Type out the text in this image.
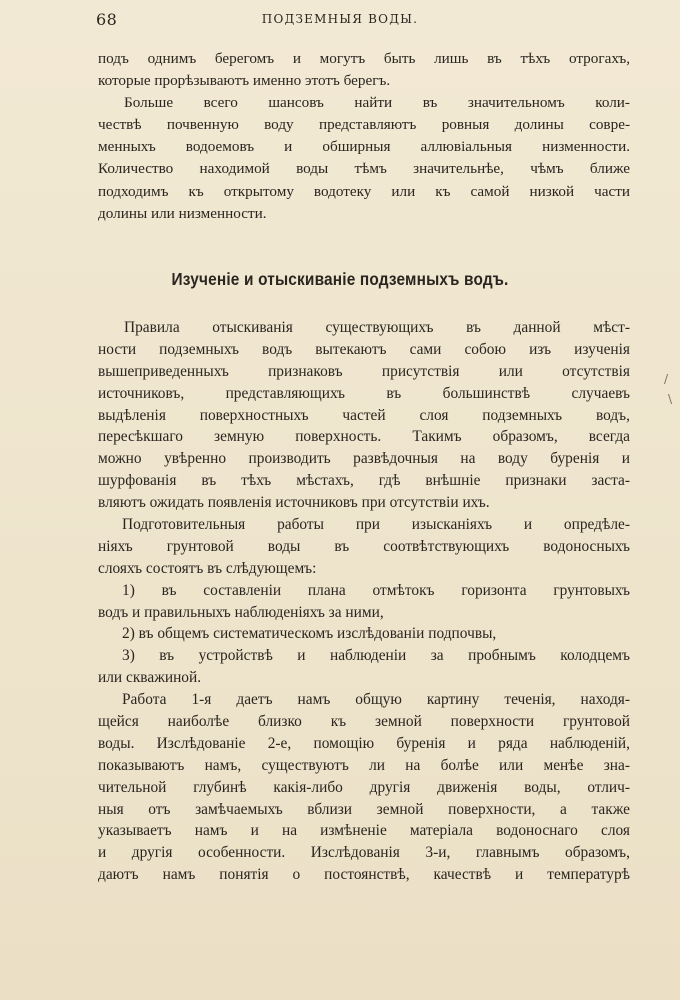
68	ПОДЗЕМНЫЯ ВОДЫ.
подъ однимъ берегомъ и могутъ быть лишь въ тѣхъ отрогахъ,
которые прорѣзываютъ именно этотъ берегъ.
Больше всего шансовъ найти въ значительномъ коли-
чествѣ почвенную воду представляютъ ровныя долины совре-
менныхъ водоемовъ и обширныя аллювіальныя низменности.
Количество находимой воды тѣмъ значительнѣе, чѣмъ ближе
подходимъ къ открытому водотеку или къ самой низкой части
долины или низменности.
Изученіе и отыскиваніе подземныхъ водъ.
Правила отыскиванія существующихъ въ данной мѣст-
ности подземныхъ водъ вытекаютъ сами собою изъ изученія
вышеприведенныхъ признаковъ присутствія или отсутствія
источниковъ, представляющихъ въ большинствѣ случаевъ
выдѣленія поверхностныхъ частей слоя подземныхъ водъ,
пересѣкшаго земную поверхность. Такимъ образомъ, всегда
можно увѣренно производить развѣдочныя на воду буренія и
шурфованія въ тѣхъ мѣстахъ, гдѣ внѣшніе признаки заста-
вляютъ ожидать появленія источниковъ при отсутствіи ихъ.
Подготовительныя работы при изысканіяхъ и опредѣле-
ніяхъ грунтовой воды въ соотвѣтствующихъ водоносныхъ
слояхъ состоятъ въ слѣдующемъ:
1) въ составленіи плана отмѣтокъ горизонта грунтовыхъ
водъ и правильныхъ наблюденіяхъ за ними,
2) въ общемъ систематическомъ изслѣдованіи подпочвы,
3) въ устройствѣ и наблюденіи за пробнымъ колодцемъ
или скважиной.
Работа 1-я даетъ намъ общую картину теченія, находя-
щейся наиболѣе близко къ земной поверхности грунтовой
воды. Изслѣдованіе 2-е, помощію буренія и ряда наблюденій,
показываютъ намъ, существуютъ ли на болѣе или менѣе зна-
чительной глубинѣ какія-либо другія движенія воды, отлич-
ныя отъ замѣчаемыхъ вблизи земной поверхности, а также
указываетъ намъ и на измѣненіе матеріала водоноснаго слоя
и другія особенности. Изслѣдованія 3-и, главнымъ образомъ,
даютъ намъ понятія о постоянствѣ, качествѣ и температурѣ
/
\
